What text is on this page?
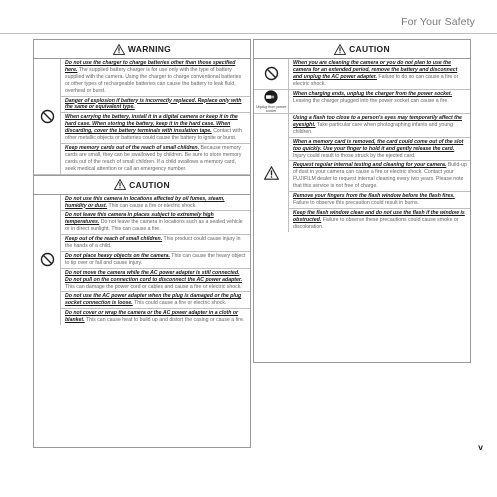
For Your Safety
WARNING
Do not use the charger to charge batteries other than those specified here. The supplied battery charger is for use only with the type of battery supplied with the camera. Using the charger to charge conventional batteries or other types of rechargeable batteries can cause the battery to leak fluid, overheat or burst.
Danger of explosion if battery is incorrectly replaced. Replace only with the same or equivalent type.
When carrying the battery, install it in a digital camera or keep it in the hard case. When storing the battery, keep it in the hard case. When discarding, cover the battery terminals with insulation tape. Contact with other metallic objects or batteries could cause the battery to ignite or burst.
Keep memory cards out of the reach of small children. Because memory cards are small, they can be swallowed by children. Be sure to store memory cards out of the reach of small children. If a child swallows a memory card, seek medical attention or call an emergency number.
CAUTION
Do not use this camera in locations affected by oil fumes, steam, humidity or dust. This can cause a fire or electric shock.
Do not leave this camera in places subject to extremely high temperatures. Do not leave the camera in locations such as a sealed vehicle or in direct sunlight. This can cause a fire.
Keep out of the reach of small children. This product could cause injury in the hands of a child.
Do not place heavy objects on the camera. This can cause the heavy object to tip over or fall and cause injury.
Do not move the camera while the AC power adapter is still connected. Do not pull on the connection cord to disconnect the AC power adapter. This can damage the power cord or cables and cause a fire or electric shock.
Do not use the AC power adapter when the plug is damaged or the plug socket connection is loose. This could cause a fire or electric shock.
Do not cover or wrap the camera or the AC power adapter in a cloth or blanket. This can cause heat to build up and distort the casing or cause a fire.
CAUTION
When you are cleaning the camera or you do not plan to use the camera for an extended period, remove the battery and disconnect and unplug the AC power adapter. Failure to do so can cause a fire or electric shock.
Unplug from power socket
When charging ends, unplug the charger from the power socket. Leaving the charger plugged into the power socket can cause a fire.
Using a flash too close to a person's eyes may temporarily affect the eyesight. Take particular care when photographing infants and young children.
When a memory card is removed, the card could come out of the slot too quickly. Use your finger to hold it and gently release the card. Injury could result to those struck by the ejected card.
Request regular internal testing and cleaning for your camera. Build-up of dust in your camera can cause a fire or electric shock. Contact your FUJIFILM dealer to request internal cleaning every two years. Please note that this service is not free of charge.
Remove your fingers from the flash window before the flash fires. Failure to observe this precaution could result in burns.
Keep the flash window clean and do not use the flash if the window is obstructed. Failure to observe these precautions could cause smoke or discoloration.
v
